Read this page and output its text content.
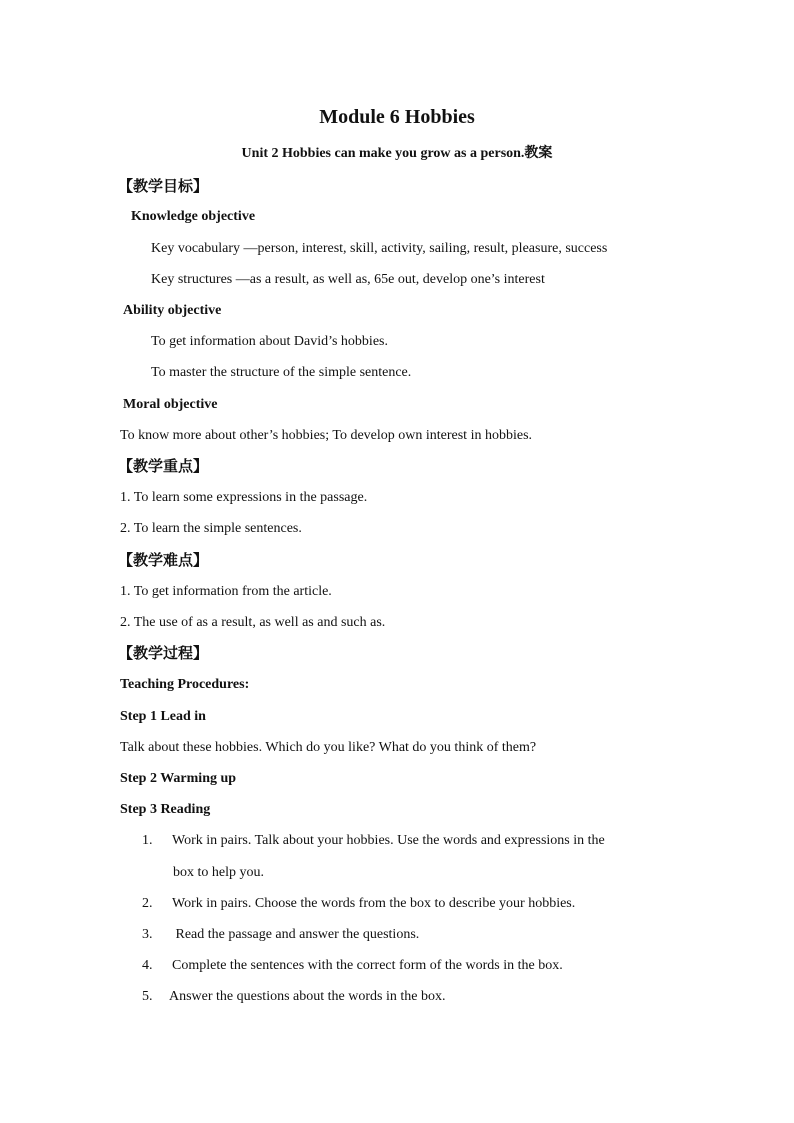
Module 6 Hobbies
Unit 2 Hobbies can make you grow as a person.教案
【教学目标】
Knowledge objective
Key vocabulary —person, interest, skill, activity, sailing, result, pleasure, success
Key structures —as a result, as well as, 65e out, develop one’s interest
Ability objective
To get information about David’s hobbies.
To master the structure of the simple sentence.
Moral objective
To know more about other’s hobbies; To develop own interest in hobbies.
【教学重点】
1. To learn some expressions in the passage.
2. To learn the simple sentences.
【教学难点】
1. To get information from the article.
2. The use of as a result, as well as and such as.
【教学过程】
Teaching Procedures:
Step 1 Lead in
Talk about these hobbies. Which do you like? What do you think of them?
Step 2 Warming up
Step 3 Reading
1. Work in pairs. Talk about your hobbies. Use the words and expressions in the
box to help you.
2. Work in pairs. Choose the words from the box to describe your hobbies.
3. Read the passage and answer the questions.
4. Complete the sentences with the correct form of the words in the box.
5. Answer the questions about the words in the box.
